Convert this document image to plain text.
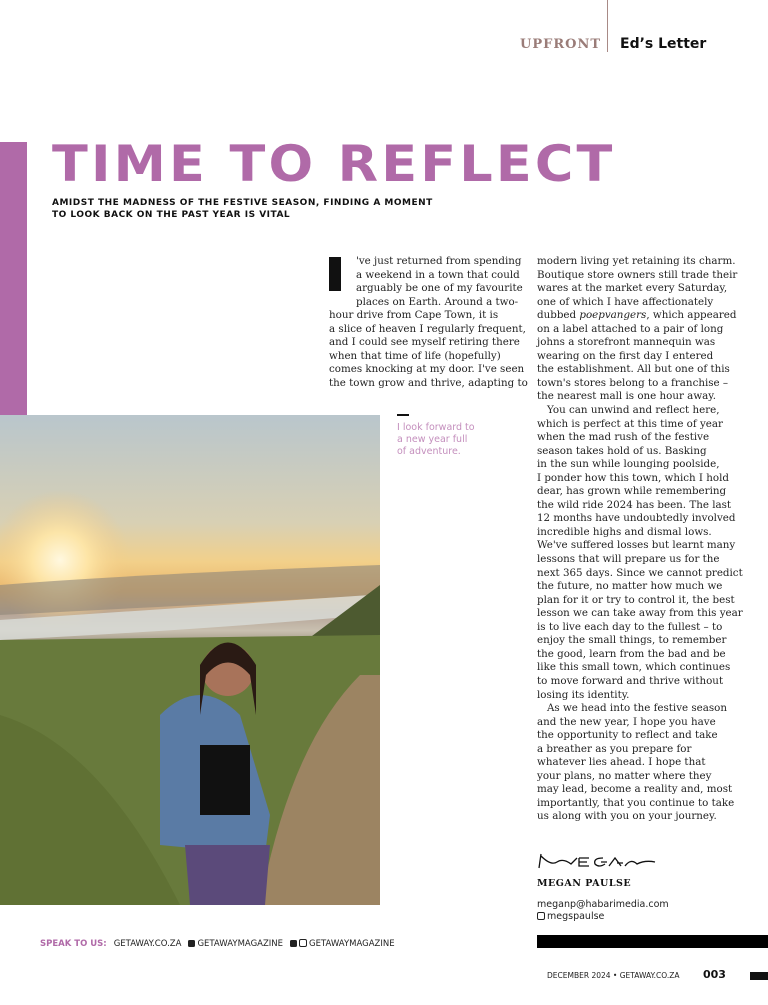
UPFRONT Ed’s Letter
TIME TO REFLECT
AMIDST THE MADNESS OF THE FESTIVE SEASON, FINDING A MOMENT
TO LOOK BACK ON THE PAST YEAR IS VITAL
've just returned from spending
a weekend in a town that could
arguably be one of my favourite
places on Earth. Around a two-
hour drive from Cape Town, it is
a slice of heaven I regularly frequent,
and I could see myself retiring there
when that time of life (hopefully)
comes knocking at my door. I've seen
the town grow and thrive, adapting to
modern living yet retaining its charm.
Boutique store owners still trade their
wares at the market every Saturday,
one of which I have affectionately
dubbed poepvangers, which appeared
on a label attached to a pair of long
johns a storefront mannequin was
wearing on the first day I entered
the establishment. All but one of this
town's stores belong to a franchise –
the nearest mall is one hour away.
You can unwind and reflect here,
which is perfect at this time of year
when the mad rush of the festive
season takes hold of us. Basking
in the sun while lounging poolside,
I ponder how this town, which I hold
dear, has grown while remembering
the wild ride 2024 has been. The last
12 months have undoubtedly involved
incredible highs and dismal lows.
We've suffered losses but learnt many
lessons that will prepare us for the
next 365 days. Since we cannot predict
the future, no matter how much we
plan for it or try to control it, the best
lesson we can take away from this year
is to live each day to the fullest – to
enjoy the small things, to remember
the good, learn from the bad and be
like this small town, which continues
to move forward and thrive without
losing its identity.
As we head into the festive season
and the new year, I hope you have
the opportunity to reflect and take
a breather as you prepare for
whatever lies ahead. I hope that
your plans, no matter where they
may lead, become a reality and, most
importantly, that you continue to take
us along with you on your journey.
I look forward to
a new year full
of adventure.
MEGAN PAULSE
meganp@habarimedia.com
megspaulse
SPEAK TO US: GETAWAY.CO.ZA	GETAWAYMAGAZINE	GETAWAYMAGAZINE
DECEMBER 2024 • GETAWAY.CO.ZA 003
